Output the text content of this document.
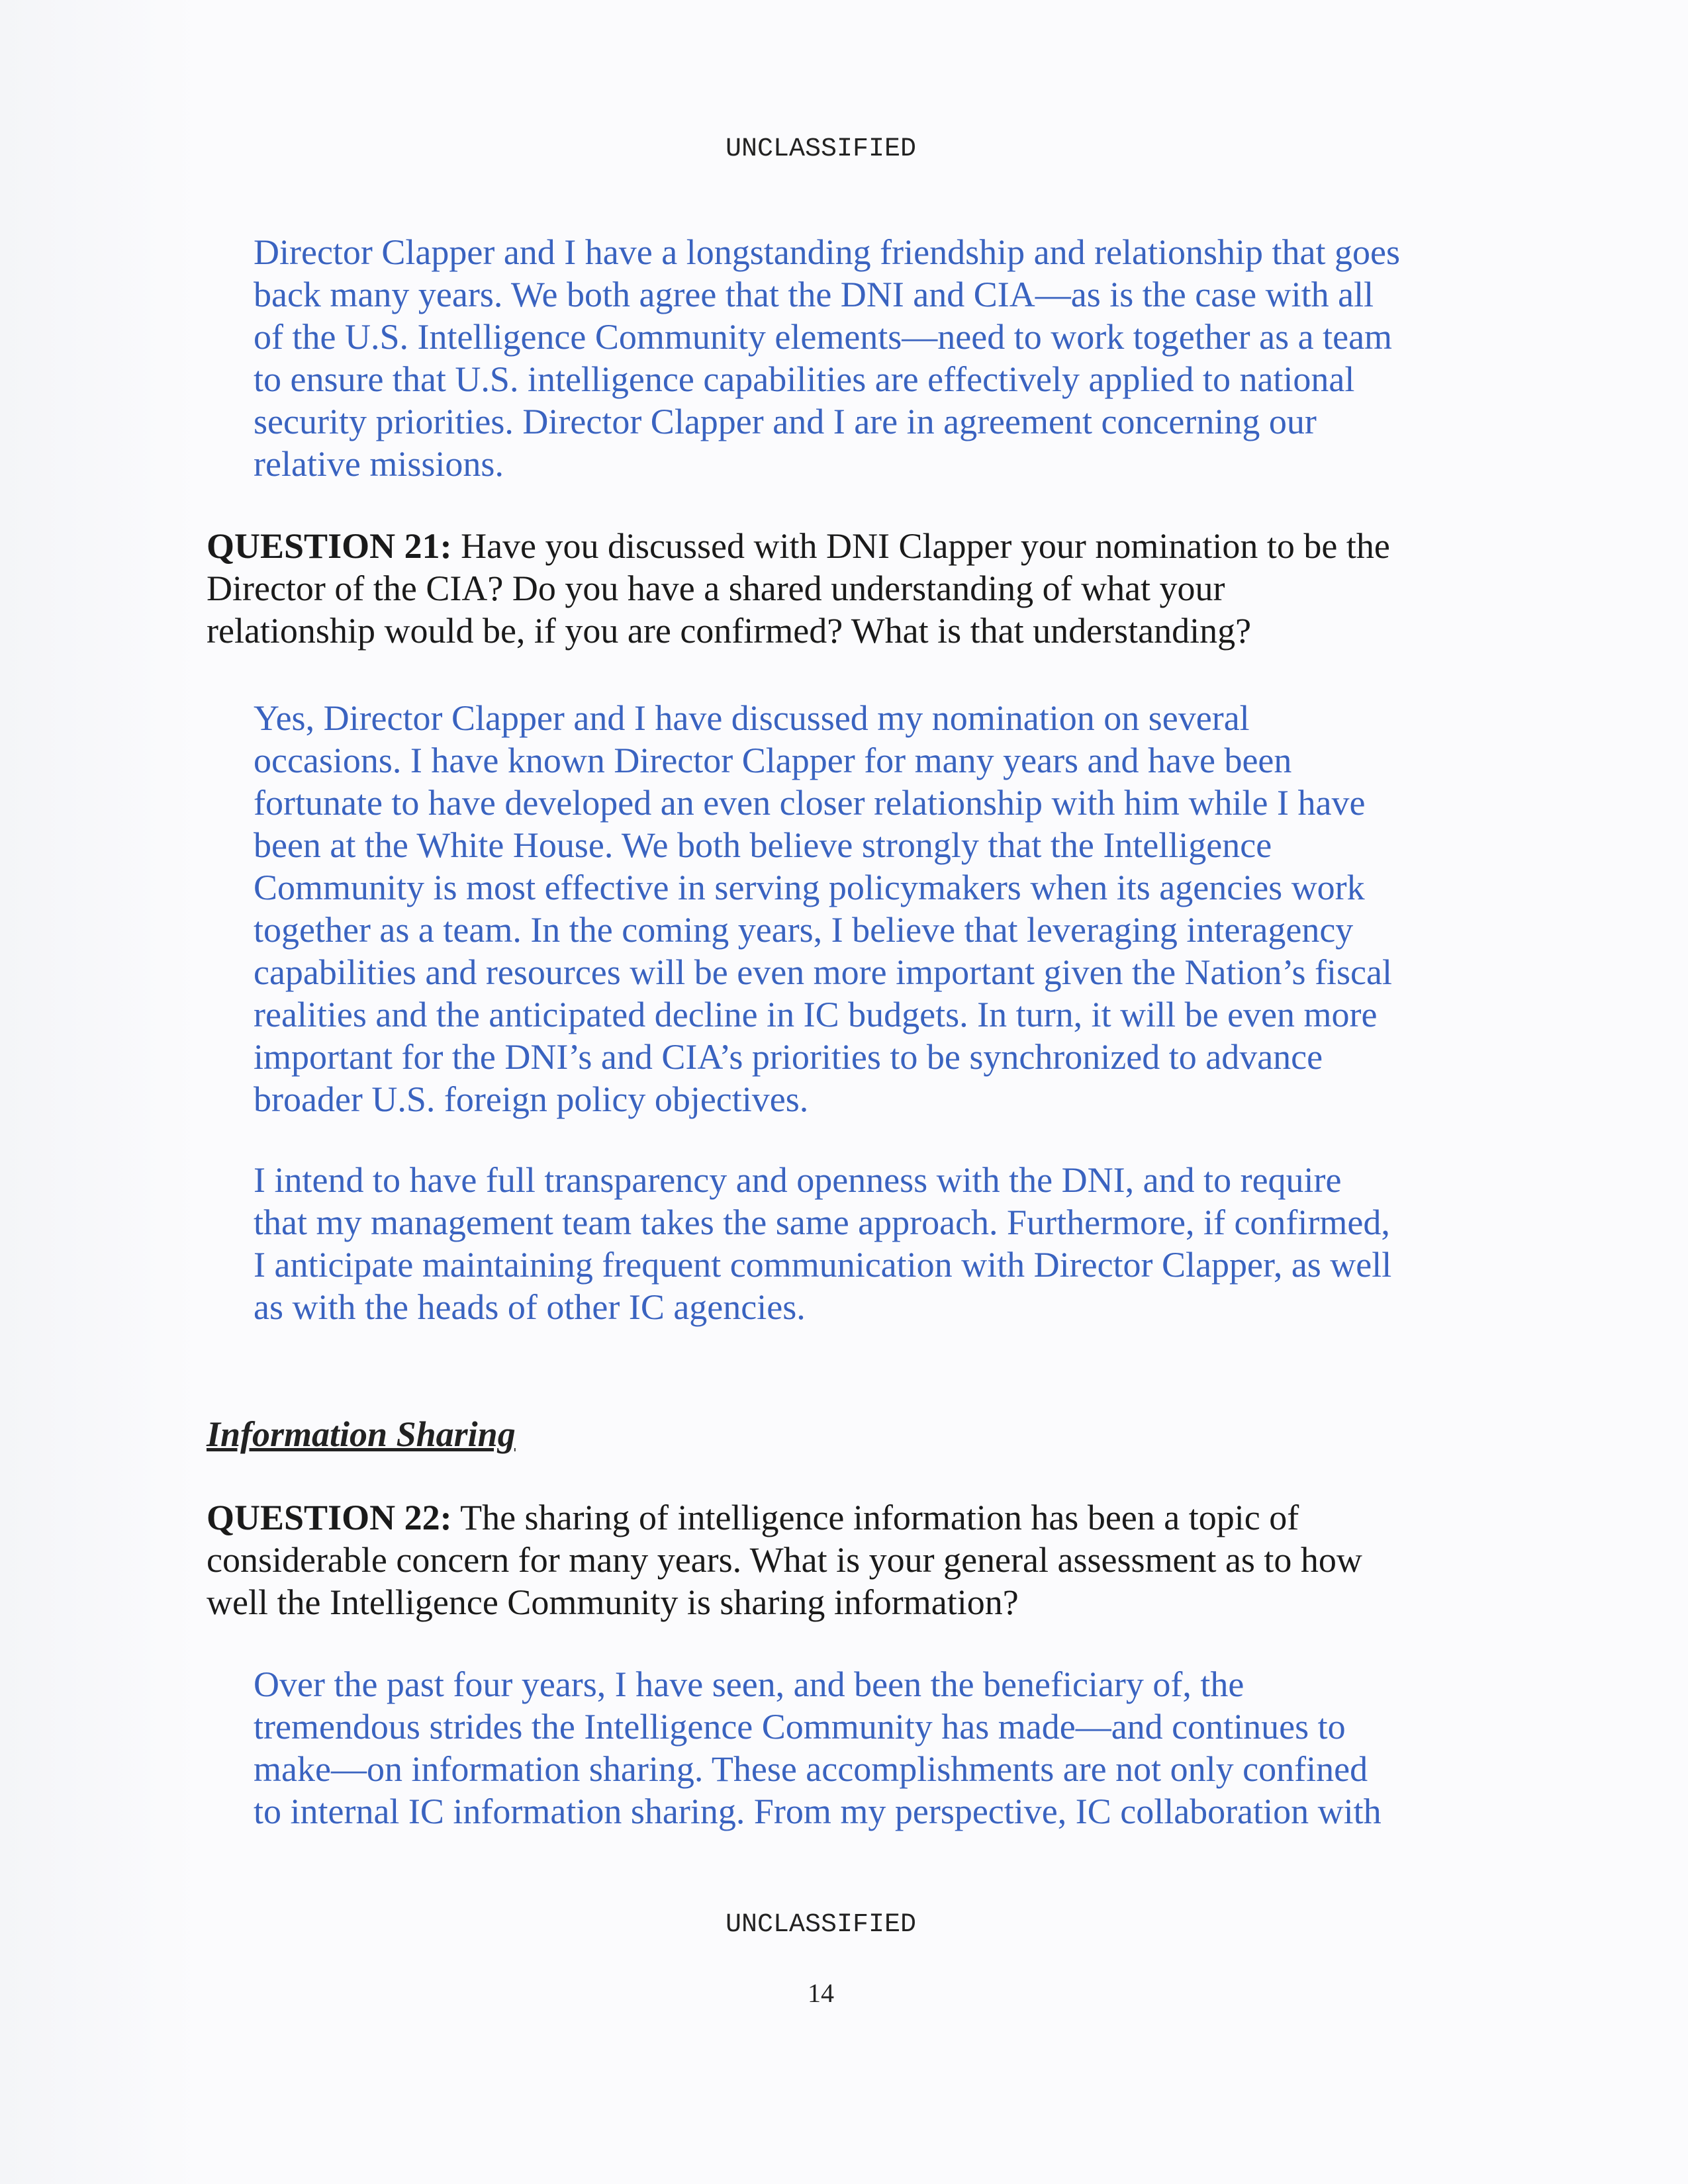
UNCLASSIFIED
Director Clapper and I have a longstanding friendship and relationship that goes
back many years. We both agree that the DNI and CIA—as is the case with all
of the U.S. Intelligence Community elements—need to work together as a team
to ensure that U.S. intelligence capabilities are effectively applied to national
security priorities. Director Clapper and I are in agreement concerning our
relative missions.
QUESTION 21: Have you discussed with DNI Clapper your nomination to be the
Director of the CIA? Do you have a shared understanding of what your
relationship would be, if you are confirmed? What is that understanding?
Yes, Director Clapper and I have discussed my nomination on several
occasions. I have known Director Clapper for many years and have been
fortunate to have developed an even closer relationship with him while I have
been at the White House. We both believe strongly that the Intelligence
Community is most effective in serving policymakers when its agencies work
together as a team. In the coming years, I believe that leveraging interagency
capabilities and resources will be even more important given the Nation’s fiscal
realities and the anticipated decline in IC budgets. In turn, it will be even more
important for the DNI’s and CIA’s priorities to be synchronized to advance
broader U.S. foreign policy objectives.
I intend to have full transparency and openness with the DNI, and to require
that my management team takes the same approach. Furthermore, if confirmed,
I anticipate maintaining frequent communication with Director Clapper, as well
as with the heads of other IC agencies.
Information Sharing
QUESTION 22: The sharing of intelligence information has been a topic of
considerable concern for many years. What is your general assessment as to how
well the Intelligence Community is sharing information?
Over the past four years, I have seen, and been the beneficiary of, the
tremendous strides the Intelligence Community has made—and continues to
make—on information sharing. These accomplishments are not only confined
to internal IC information sharing. From my perspective, IC collaboration with
UNCLASSIFIED
14
